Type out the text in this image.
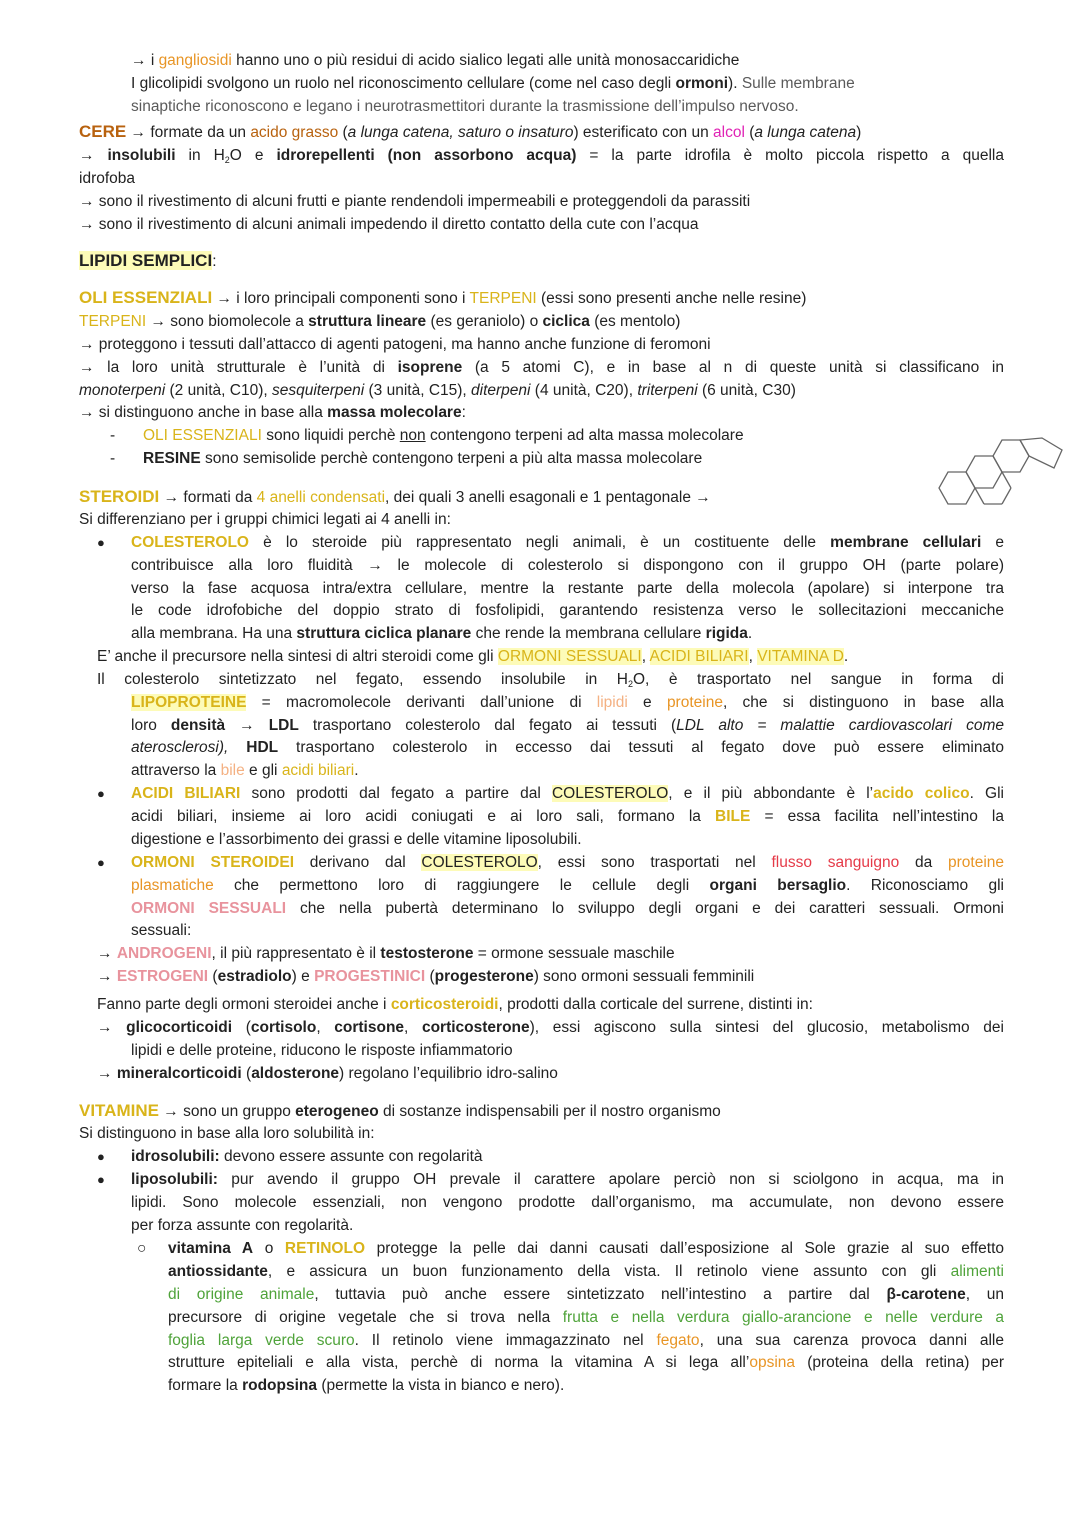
→ i gangliosidi hanno uno o più residui di acido sialico legati alle unità monosaccaridiche
I glicolipidi svolgono un ruolo nel riconoscimento cellulare (come nel caso degli ormoni). Sulle membrane
sinaptiche riconoscono e legano i neurotrasmettitori durante la trasmissione dell’impulso nervoso.
CERE → formate da un acido grasso (a lunga catena, saturo o insaturo) esterificato con un alcol (a lunga catena)
→ insolubili in $H_2O$ e idrorepellenti (non assorbono acqua) = la parte idrofila è molto piccola rispetto a quella
idrofoba
→ sono il rivestimento di alcuni frutti e piante rendendoli impermeabili e proteggendoli da parassiti
→ sono il rivestimento di alcuni animali impedendo il diretto contatto della cute con l’acqua
LIPIDI SEMPLICI:
OLI ESSENZIALI → i loro principali componenti sono i TERPENI (essi sono presenti anche nelle resine)
TERPENI → sono biomolecole a struttura lineare (es geraniolo) o ciclica (es mentolo)
→ proteggono i tessuti dall’attacco di agenti patogeni, ma hanno anche funzione di feromoni
→ la loro unità strutturale è l’unità di isoprene (a 5 atomi C), e in base al n di queste unità si classificano in
monoterpeni (2 unità, C10), sesquiterpeni (3 unità, C15), diterpeni (4 unità, C20), triterpeni (6 unità, C30)
→ si distinguono anche in base alla massa molecolare:
- OLI ESSENZIALI sono liquidi perchè non contengono terpeni ad alta massa molecolare
- RESINE sono semisolide perchè contengono terpeni a più alta massa molecolare
STEROIDI → formati da 4 anelli condensati, dei quali 3 anelli esagonali e 1 pentagonale →
Si differenziano per i gruppi chimici legati ai 4 anelli in:
● COLESTEROLO è lo steroide più rappresentato negli animali, è un costituente delle membrane cellulari e
contribuisce alla loro fluidità → le molecole di colesterolo si dispongono con il gruppo OH (parte polare)
verso la fase acquosa intra/extra cellulare, mentre la restante parte della molecola (apolare) si interpone tra
le code idrofobiche del doppio strato di fosfolipidi, garantendo resistenza verso le sollecitazioni meccaniche
alla membrana. Ha una struttura ciclica planare che rende la membrana cellulare rigida.
E’ anche il precursore nella sintesi di altri steroidi come gli ORMONI SESSUALI, ACIDI BILIARI, VITAMINA D.
Il colesterolo sintetizzato nel fegato, essendo insolubile in $H_2O$, è trasportato nel sangue in forma di
LIPOPROTEINE = macromolecole derivanti dall’unione di lipidi e proteine, che si distinguono in base alla
loro densità → LDL trasportano colesterolo dal fegato ai tessuti (LDL alto = malattie cardiovascolari come
aterosclerosi), HDL trasportano colesterolo in eccesso dai tessuti al fegato dove può essere eliminato
attraverso la bile e gli acidi biliari.
● ACIDI BILIARI sono prodotti dal fegato a partire dal COLESTEROLO, e il più abbondante è l’acido colico. Gli
acidi biliari, insieme ai loro acidi coniugati e ai loro sali, formano la BILE = essa facilita nell’intestino la
digestione e l’assorbimento dei grassi e delle vitamine liposolubili.
● ORMONI STEROIDEI derivano dal COLESTEROLO, essi sono trasportati nel flusso sanguigno da proteine
plasmatiche che permettono loro di raggiungere le cellule degli organi bersaglio. Riconosciamo gli
ORMONI SESSUALI che nella pubertà determinano lo sviluppo degli organi e dei caratteri sessuali. Ormoni
sessuali:
→ ANDROGENI, il più rappresentato è il testosterone = ormone sessuale maschile
→ ESTROGENI (estradiolo) e PROGESTINICI (progesterone) sono ormoni sessuali femminili
Fanno parte degli ormoni steroidei anche i corticosteroidi, prodotti dalla corticale del surrene, distinti in:
→ glicocorticoidi (cortisolo, cortisone, corticosterone), essi agiscono sulla sintesi del glucosio, metabolismo dei
lipidi e delle proteine, riducono le risposte infiammatorio
→ mineralcorticoidi (aldosterone) regolano l’equilibrio idro-salino
VITAMINE → sono un gruppo eterogeneo di sostanze indispensabili per il nostro organismo
Si distinguono in base alla loro solubilità in:
● idrosolubili: devono essere assunte con regolarità
● liposolubili: pur avendo il gruppo OH prevale il carattere apolare perciò non si sciolgono in acqua, ma in
lipidi. Sono molecole essenziali, non vengono prodotte dall’organismo, ma accumulate, non devono essere
per forza assunte con regolarità.
○ vitamina A o RETINOLO protegge la pelle dai danni causati dall’esposizione al Sole grazie al suo effetto
antiossidante, e assicura un buon funzionamento della vista. Il retinolo viene assunto con gli alimenti
di origine animale, tuttavia può anche essere sintetizzato nell’intestino a partire dal β-carotene, un
precursore di origine vegetale che si trova nella frutta e nella verdura giallo-arancione e nelle verdure a
foglia larga verde scuro. Il retinolo viene immagazzinato nel fegato, una sua carenza provoca danni alle
strutture epiteliali e alla vista, perchè di norma la vitamina A si lega all’opsina (proteina della retina) per
formare la rodopsina (permette la vista in bianco e nero).
